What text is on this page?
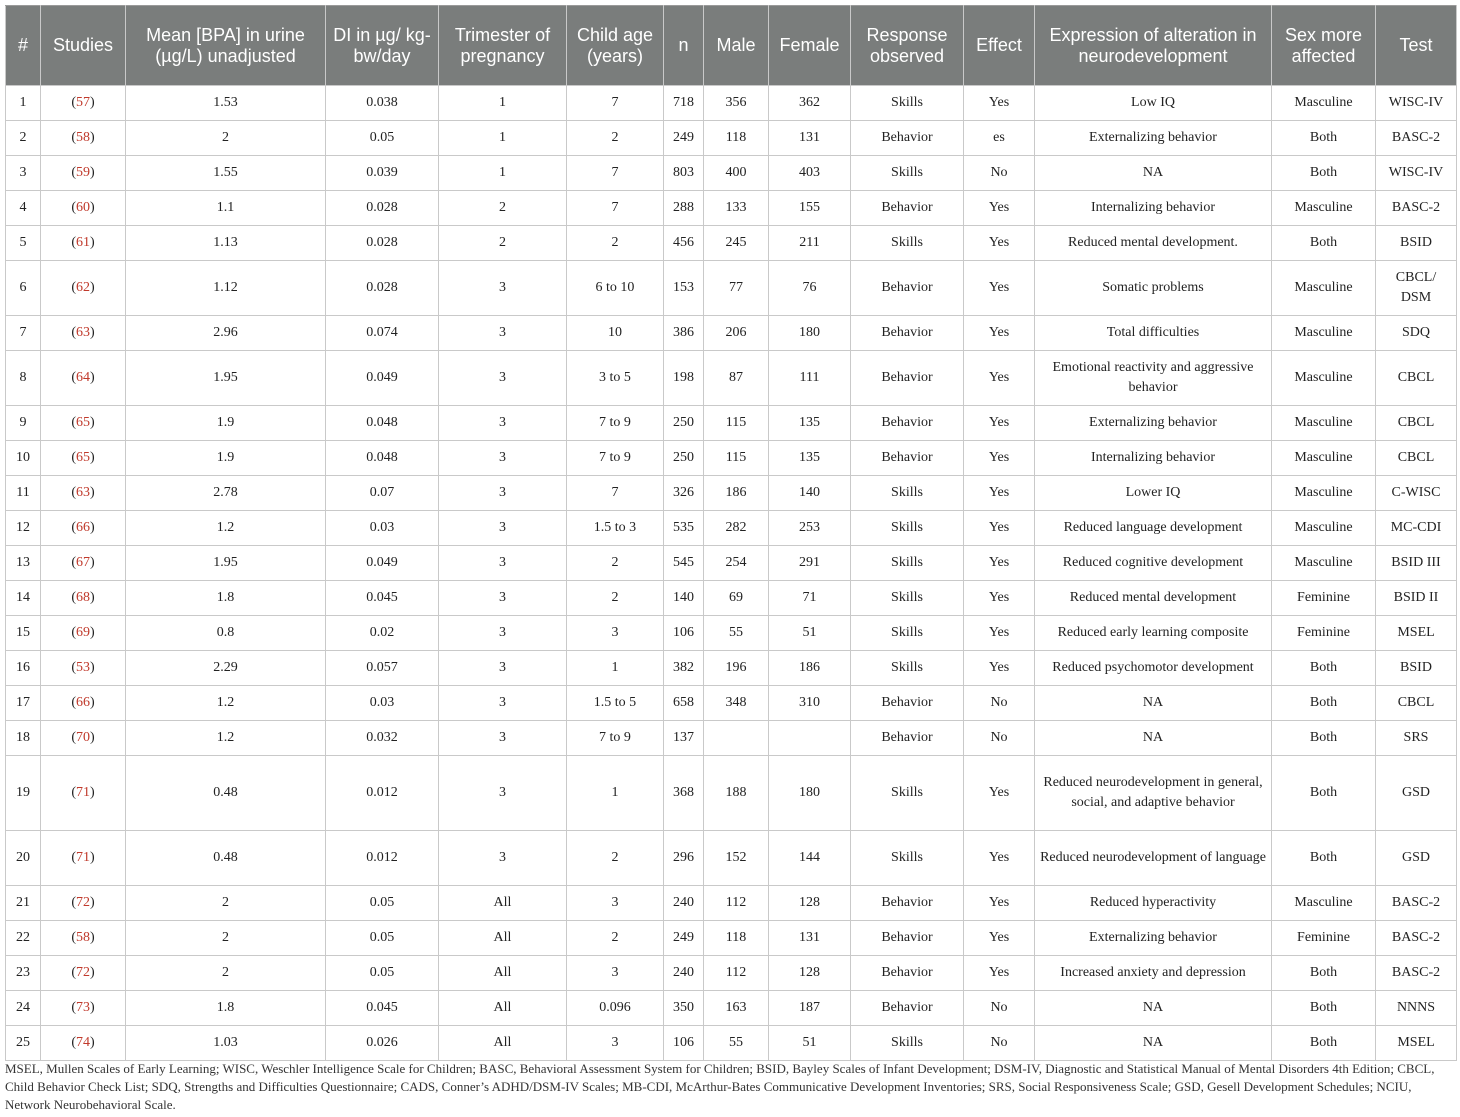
#	Studies	Mean [BPA] in urine (µg/L) unadjusted	DI in µg/ kg-bw/day	Trimester of pregnancy	Child age (years)	n	Male	Female	Response observed	Effect	Expression of alteration in neurodevelopment	Sex more affected	Test
1	(57)	1.53	0.038	1	7	718	356	362	Skills	Yes	Low IQ	Masculine	WISC-IV
2	(58)	2	0.05	1	2	249	118	131	Behavior	es	Externalizing behavior	Both	BASC-2
3	(59)	1.55	0.039	1	7	803	400	403	Skills	No	NA	Both	WISC-IV
4	(60)	1.1	0.028	2	7	288	133	155	Behavior	Yes	Internalizing behavior	Masculine	BASC-2
5	(61)	1.13	0.028	2	2	456	245	211	Skills	Yes	Reduced mental development.	Both	BSID
6	(62)	1.12	0.028	3	6 to 10	153	77	76	Behavior	Yes	Somatic problems	Masculine	CBCL/ DSM
7	(63)	2.96	0.074	3	10	386	206	180	Behavior	Yes	Total difficulties	Masculine	SDQ
8	(64)	1.95	0.049	3	3 to 5	198	87	111	Behavior	Yes	Emotional reactivity and aggressive behavior	Masculine	CBCL
9	(65)	1.9	0.048	3	7 to 9	250	115	135	Behavior	Yes	Externalizing behavior	Masculine	CBCL
10	(65)	1.9	0.048	3	7 to 9	250	115	135	Behavior	Yes	Internalizing behavior	Masculine	CBCL
11	(63)	2.78	0.07	3	7	326	186	140	Skills	Yes	Lower IQ	Masculine	C-WISC
12	(66)	1.2	0.03	3	1.5 to 3	535	282	253	Skills	Yes	Reduced language development	Masculine	MC-CDI
13	(67)	1.95	0.049	3	2	545	254	291	Skills	Yes	Reduced cognitive development	Masculine	BSID III
14	(68)	1.8	0.045	3	2	140	69	71	Skills	Yes	Reduced mental development	Feminine	BSID II
15	(69)	0.8	0.02	3	3	106	55	51	Skills	Yes	Reduced early learning composite	Feminine	MSEL
16	(53)	2.29	0.057	3	1	382	196	186	Skills	Yes	Reduced psychomotor development	Both	BSID
17	(66)	1.2	0.03	3	1.5 to 5	658	348	310	Behavior	No	NA	Both	CBCL
18	(70)	1.2	0.032	3	7 to 9	137			Behavior	No	NA	Both	SRS
19	(71)	0.48	0.012	3	1	368	188	180	Skills	Yes	Reduced neurodevelopment in general, social, and adaptive behavior	Both	GSD
20	(71)	0.48	0.012	3	2	296	152	144	Skills	Yes	Reduced neurodevelopment of language	Both	GSD
21	(72)	2	0.05	All	3	240	112	128	Behavior	Yes	Reduced hyperactivity	Masculine	BASC-2
22	(58)	2	0.05	All	2	249	118	131	Behavior	Yes	Externalizing behavior	Feminine	BASC-2
23	(72)	2	0.05	All	3	240	112	128	Behavior	Yes	Increased anxiety and depression	Both	BASC-2
24	(73)	1.8	0.045	All	0.096	350	163	187	Behavior	No	NA	Both	NNNS
25	(74)	1.03	0.026	All	3	106	55	51	Skills	No	NA	Both	MSEL
MSEL, Mullen Scales of Early Learning; WISC, Weschler Intelligence Scale for Children; BASC, Behavioral Assessment System for Children; BSID, Bayley Scales of Infant Development; DSM-IV, Diagnostic and Statistical Manual of Mental Disorders 4th Edition; CBCL, Child Behavior Check List; SDQ, Strengths and Difficulties Questionnaire; CADS, Conner’s ADHD/DSM-IV Scales; MB-CDI, McArthur-Bates Communicative Development Inventories; SRS, Social Responsiveness Scale; GSD, Gesell Development Schedules; NCIU, Network Neurobehavioral Scale.
